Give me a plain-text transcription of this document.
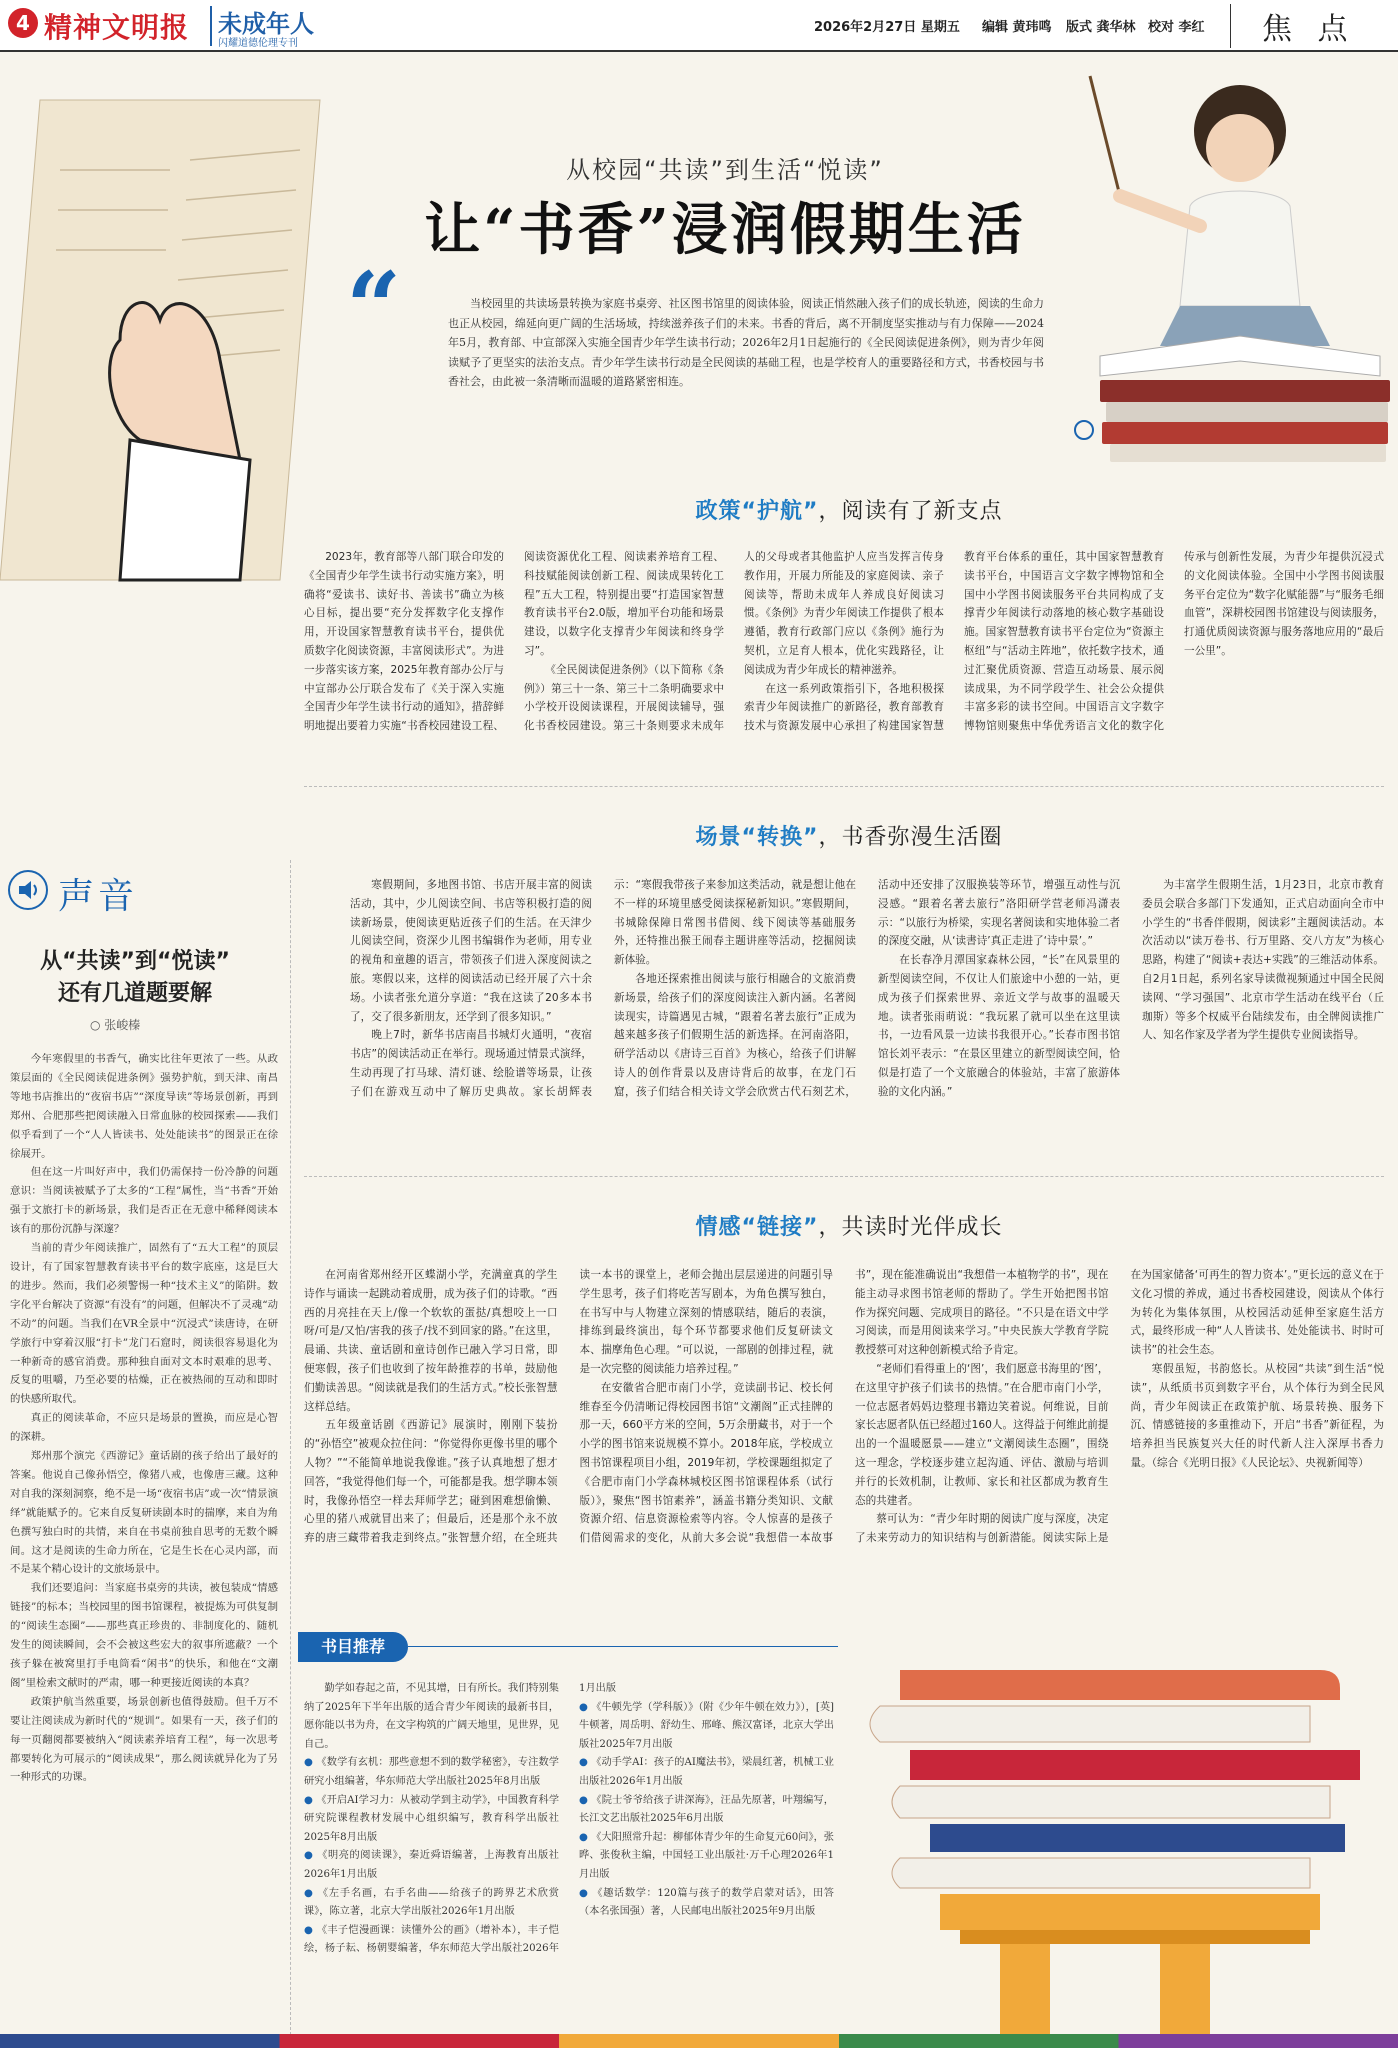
4 精神文明报 未成年人
闪耀道德伦理专刊
2026年2月27日 星期五 编辑 黄玮鸣 版式 龚华林 校对 李红 焦 点
从校园“共读”到生活“悦读”
让“书香”浸润假期生活
“	当校园里的共读场景转换为家庭书桌旁、社区图书馆里的阅读体验，阅读正悄然融入孩子们的成长轨迹，阅读的生命力也正从校园，绵延向更广阔的生活场域，持续滋养孩子们的未来。书香的背后，离不开制度坚实推动与有力保障——2024年5月，教育部、中宣部深入实施全国青少年学生读书行动；2026年2月1日起施行的《全民阅读促进条例》，则为青少年阅读赋予了更坚实的法治支点。青少年学生读书行动是全民阅读的基础工程，也是学校育人的重要路径和方式，书香校园与书香社会，由此被一条清晰而温暖的道路紧密相连。
政策“护航”，阅读有了新支点

2023年，教育部等八部门联合印发的《全国青少年学生读书行动实施方案》，明确将“爱读书、读好书、善读书”确立为核心目标，提出要“充分发挥数字化支撑作用，开设国家智慧教育读书平台，提供优质数字化阅读资源，丰富阅读形式”。为进一步落实该方案，2025年教育部办公厅与中宣部办公厅联合发布了《关于深入实施全国青少年学生读书行动的通知》，措辞鲜明地提出要着力实施“书香校园建设工程、阅读资源优化工程、阅读素养培育工程、科技赋能阅读创新工程、阅读成果转化工程”五大工程，特别提出要“打造国家智慧教育读书平台2.0版，增加平台功能和场景建设，以数字化支撑青少年阅读和终身学习”。

《全民阅读促进条例》（以下简称《条例》）第三十一条、第三十二条明确要求中小学校开设阅读课程，开展阅读辅导，强化书香校园建设。第三十条则要求未成年人的父母或者其他监护人应当发挥言传身教作用，开展力所能及的家庭阅读、亲子阅读等，帮助未成年人养成良好阅读习惯。《条例》为青少年阅读工作提供了根本遵循，教育行政部门应以《条例》施行为契机，立足育人根本，优化实践路径，让阅读成为青少年成长的精神滋养。

在这一系列政策指引下，各地积极探索青少年阅读推广的新路径，教育部教育技术与资源发展中心承担了构建国家智慧教育平台体系的重任，其中国家智慧教育读书平台，中国语言文字数字博物馆和全国中小学图书阅读服务平台共同构成了支撑青少年阅读行动落地的核心数字基础设施。国家智慧教育读书平台定位为“资源主枢纽”与“活动主阵地”，依托数字技术，通过汇聚优质资源、营造互动场景、展示阅读成果，为不同学段学生、社会公众提供丰富多彩的读书空间。中国语言文字数字博物馆则聚焦中华优秀语言文化的数字化传承与创新性发展，为青少年提供沉浸式的文化阅读体验。全国中小学图书阅读服务平台定位为“数字化赋能器”与“服务毛细血管”，深耕校园图书馆建设与阅读服务，打通优质阅读资源与服务落地应用的“最后一公里”。

场景“转换”，书香弥漫生活圈

寒假期间，多地图书馆、书店开展丰富的阅读活动，其中，少儿阅读空间、书店等积极打造的阅读新场景，使阅读更贴近孩子们的生活。在天津少儿阅读空间，资深少儿图书编辑作为老师，用专业的视角和童趣的语言，带领孩子们进入深度阅读之旅。寒假以来，这样的阅读活动已经开展了六十余场。小读者张允道分享道：“我在这读了20多本书了，交了很多新朋友，还学到了很多知识。”

晚上7时，新华书店南昌书城灯火通明，“夜宿书店”的阅读活动正在举行。现场通过情景式演绎，生动再现了打马球、清灯谜、绘脸谱等场景，让孩子们在游戏互动中了解历史典故。家长胡辉表示：“寒假我带孩子来参加这类活动，就是想让他在不一样的环境里感受阅读探秘新知识。”寒假期间，书城除保障日常图书借阅、线下阅读等基础服务外，还特推出猴王闹春主题讲座等活动，挖掘阅读新体验。

各地还探索推出阅读与旅行相融合的文旅消费新场景，给孩子们的深度阅读注入新内涵。名著阅读现实，诗篇遇见古城，“跟着名著去旅行”正成为越来越多孩子们假期生活的新选择。在河南洛阳，研学活动以《唐诗三百首》为核心，给孩子们讲解诗人的创作背景以及唐诗背后的故事，在龙门石窟，孩子们结合相关诗文学会欣赏古代石刻艺术，活动中还安排了汉服换装等环节，增强互动性与沉浸感。“跟着名著去旅行”洛阳研学营老师冯潇表示：“以旅行为桥梁，实现名著阅读和实地体验二者的深度交融，从‘读書诗’真正走进了‘诗中景’。”

在长春净月潭国家森林公园，“长”在风景里的新型阅读空间，不仅让人们旅途中小憩的一站，更成为孩子们探索世界、亲近文学与故事的温暖天地。读者张雨萌说：“我玩累了就可以坐在这里读书，一边看风景一边读书我很开心。”长春市图书馆馆长刘平表示：“在景区里建立的新型阅读空间，恰似是打造了一个文旅融合的体验站，丰富了旅游体验的文化内涵。”

为丰富学生假期生活，1月23日，北京市教育委员会联合多部门下发通知，正式启动面向全市中小学生的“书香伴假期，阅读彩”主题阅读活动。本次活动以“读万卷书、行万里路、交八方友”为核心思路，构建了“阅读+表达+实践”的三维活动体系。自2月1日起，系列名家导读微视频通过中国全民阅读网、“学习强国”、北京市学生活动在线平台（丘珈斯）等多个权威平台陆续发布，由全牌阅读推广人、知名作家及学者为学生提供专业阅读指导。

情感“链接”，共读时光伴成长

在河南省郑州经开区蝶湖小学，充满童真的学生诗作与诵读一起跳动着成册，成为孩子们的诗歌。“西西的月亮挂在天上/像一个软软的蛋挞/真想咬上一口呀/可是/又怕/害我的孩子/找不到回家的路。”在这里，晨诵、共读、童话剧和童诗创作已融入学习日常，即便寒假，孩子们也收到了按年龄推荐的书单，鼓励他们勤读善思。“阅读就是我们的生活方式。”校长张智慧这样总结。

五年级童话剧《西游记》展演时，刚刚下装扮的“孙悟空”被观众拉住问：“你觉得你更像书里的哪个人物？”“不能简单地说我像谁。”孩子认真地想了想才回答，“我觉得他们每一个，可能都是我。想学聊本领时，我像孙悟空一样去拜师学艺；碰到困难想偷懒、心里的猪八戒就冒出来了；但最后，还是那个永不放弃的唐三藏带着我走到终点。”张智慧介绍，在全班共读一本书的课堂上，老师会抛出层层递进的问题引导学生思考，孩子们将吃苦写剧本，为角色撰写独白，在书写中与人物建立深刻的情感联结，随后的表演，排练到最终演出，每个环节都要求他们反复研读文本、揣摩角色心理。“可以说，一部剧的创排过程，就是一次完整的阅读能力培养过程。”

在安徽省合肥市南门小学，竞读副书记、校长何维春至今仍清晰记得校园图书馆“文潮阁”正式挂牌的那一天，660平方米的空间，5万余册藏书，对于一个小学的图书馆来说规模不算小。2018年底，学校成立图书馆课程项目小组，2019年初，学校课题组拟定了《合肥市南门小学森林城校区图书馆课程体系（试行版）》，聚焦“图书馆素养”，涵盖书籍分类知识、文献资源介绍、信息资源检索等内容。令人惊喜的是孩子们借阅需求的变化，从前大多会说“我想借一本故事书”，现在能准确说出“我想借一本植物学的书”，现在能主动寻求图书馆老师的帮助了。学生开始把图书馆作为探究问题、完成项目的路径。“不只是在语文中学习阅读，而是用阅读来学习。”中央民族大学教育学院教授蔡可对这种创新模式给予肯定。

“老师们看得重上的‘图’，我们愿意书海里的‘图’，在这里守护孩子们读书的热情。”在合肥市南门小学，一位志愿者妈妈边整理书籍边笑着说。何维说，目前家长志愿者队伍已经超过160人。这得益于何维此前提出的一个温暖愿景——建立“文潮阅读生态圈”，围绕这一理念，学校逐步建立起沟通、评估、激励与培训并行的长效机制，让教师、家长和社区都成为教育生态的共建者。

蔡可认为：“青少年时期的阅读广度与深度，决定了未来劳动力的知识结构与创新潜能。阅读实际上是在为国家储备‘可再生的智力资本’。”更长远的意义在于文化习惯的养成，通过书香校园建设，阅读从个体行为转化为集体氛围，从校园活动延伸至家庭生活方式，最终形成一种“人人皆读书、处处能读书、时时可读书”的社会生态。

寒假虽短，书韵悠长。从校园“共读”到生活“悦读”，从纸质书页到数字平台，从个体行为到全民风尚，青少年阅读正在政策护航、场景转换、服务下沉、情感链接的多重推动下，开启“书香”新征程，为培养担当民族复兴大任的时代新人注入深厚书香力量。（综合《光明日报》《人民论坛》、央视新闻等）

声音
从“共读”到“悦读”
还有几道题要解
○ 张峻榛

今年寒假里的书香气，确实比往年更浓了一些。从政策层面的《全民阅读促进条例》强势护航，到天津、南昌等地书店推出的“夜宿书店”“深度导读”等场景创新，再到郑州、合肥那些把阅读融入日常血脉的校园探索——我们似乎看到了一个“人人皆读书、处处能读书”的图景正在徐徐展开。

但在这一片叫好声中，我们仍需保持一份冷静的问题意识：当阅读被赋予了太多的“工程”属性，当“书香”开始强于文旅打卡的新场景，我们是否正在无意中稀释阅读本该有的那份沉静与深邃？

当前的青少年阅读推广，固然有了“五大工程”的顶层设计，有了国家智慧教育读书平台的数字底座，这是巨大的进步。然而，我们必须警惕一种“技术主义”的陷阱。数字化平台解决了资源“有没有”的问题，但解决不了灵魂“动不动”的问题。当我们在VR全景中“沉浸式”读唐诗，在研学旅行中穿着汉服“打卡”龙门石窟时，阅读很容易退化为一种新奇的感官消费。那种独自面对文本时艰难的思考、反复的咀嚼，乃至必要的枯燥，正在被热闹的互动和即时的快感所取代。

真正的阅读革命，不应只是场景的置换，而应是心智的深耕。

郑州那个演完《西游记》童话剧的孩子给出了最好的答案。他说自己像孙悟空，像猪八戒，也像唐三藏。这种对自我的深刻洞察，绝不是一场“夜宿书店”或一次“情景演绎”就能赋予的。它来自反复研读剧本时的揣摩，来自为角色撰写独白时的共情，来自在书桌前独自思考的无数个瞬间。这才是阅读的生命力所在，它是生长在心灵内部，而不是某个精心设计的文旅场景中。

我们还要追问：当家庭书桌旁的共读，被包装成“情感链接”的标本；当校园里的图书馆课程，被提炼为可供复制的“阅读生态圈”——那些真正珍贵的、非制度化的、随机发生的阅读瞬间，会不会被这些宏大的叙事所遮蔽？一个孩子躲在被窝里打手电筒看“闲书”的快乐，和他在“文潮阁”里检索文献时的严肃，哪一种更接近阅读的本真？

政策护航当然重要，场景创新也值得鼓励。但千万不要让注阅读成为新时代的“规训”。如果有一天，孩子们的每一页翻阅都要被纳入“阅读素养培育工程”，每一次思考都要转化为可展示的“阅读成果”，那么阅读就异化为了另一种形式的功课。

书目推荐

勤学如春起之苗，不见其增，日有所长。我们特别集纳了2025年下半年出版的适合青少年阅读的最新书目，愿你能以书为舟，在文字构筑的广阔天地里，见世界，见自己。

● 《数学有玄机：那些意想不到的数学秘密》，专注数学研究小组编著，华东师范大学出版社2025年8月出版

● 《开启AI学习力：从被动学到主动学》，中国教育科学研究院课程教材发展中心组织编写，教育科学出版社2025年8月出版

● 《明亮的阅读课》，秦近舜语编著，上海教育出版社2026年1月出版

● 《左手名画，右手名曲——给孩子的跨界艺术欣赏课》，陈立著，北京大学出版社2026年1月出版

● 《丰子恺漫画课：读懂外公的画》（增补本），丰子恺绘，杨子耘、杨朝婴编著，华东师范大学出版社2026年1月出版

● 《牛顿先学（学科版）》（附《少年牛顿在效力》），[英]牛顿著，周岳明、舒幼生、邢峰、熊汉富译，北京大学出版社2025年7月出版

● 《动手学AI：孩子的AI魔法书》，梁晨红著，机械工业出版社2026年1月出版

● 《院士爷爷给孩子讲深海》，汪品先原著，叶翔编写，长江文艺出版社2025年6月出版

● 《大阳照常升起：柳郁体青少年的生命复元60问》，张晔、张俊秋主编，中国轻工业出版社·万千心理2026年1月出版

● 《趣话数学：120篇与孩子的数学启蒙对话》，田答（本名张国强）著，人民邮电出版社2025年9月出版
